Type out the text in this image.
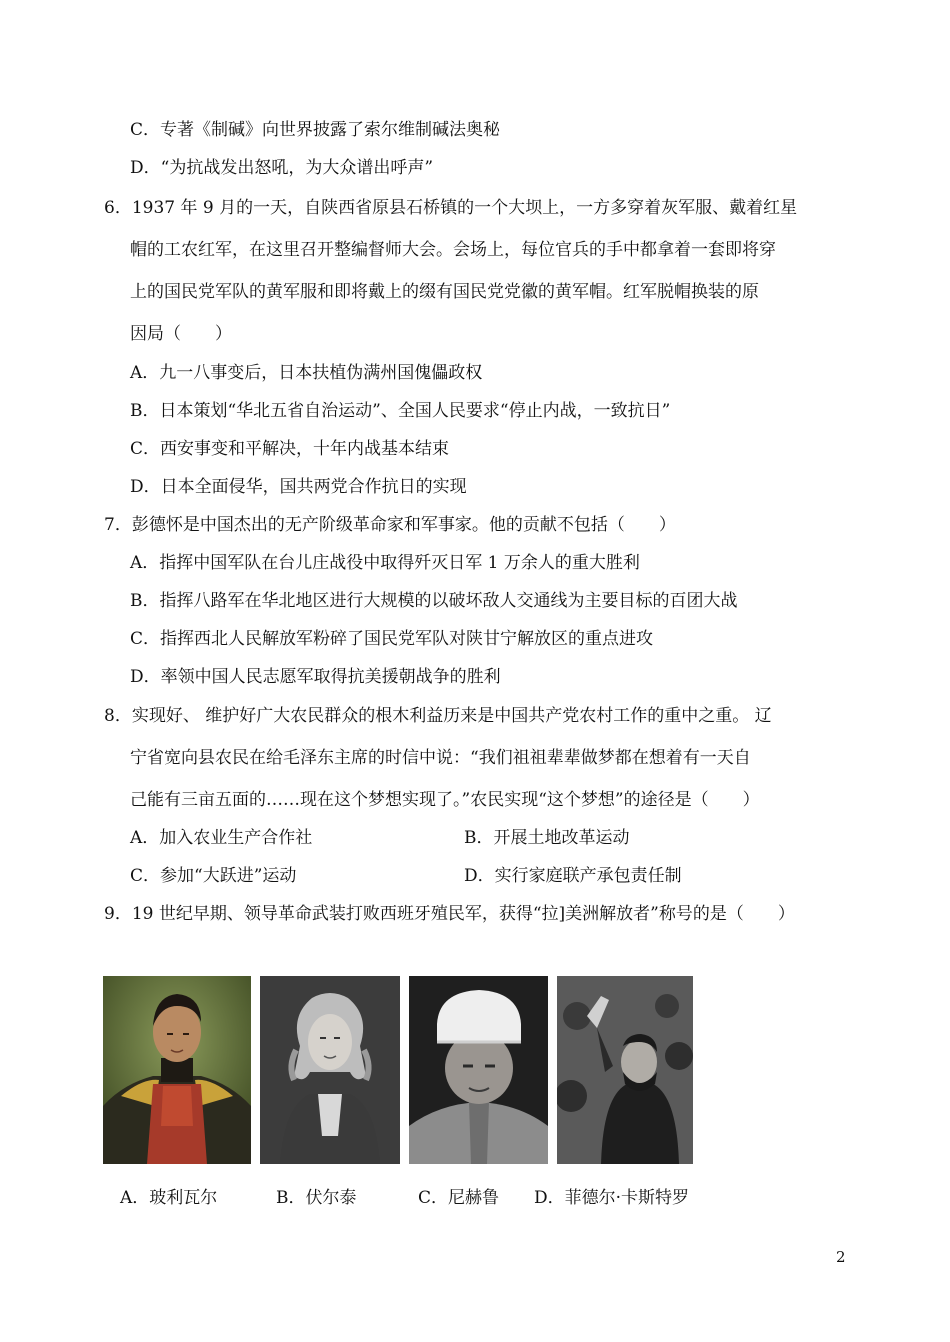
C．专著《制碱》向世界披露了索尔维制碱法奥秘
D．“为抗战发出怒吼，为大众谱出呼声”
6．1937 年 9 月的一天，自陕西省原县石桥镇的一个大坝上，一方多穿着灰军服、戴着红星
帽的工农红军，在这里召开整编督师大会。会场上，每位官兵的手中都拿着一套即将穿
上的国民党军队的黄军服和即将戴上的缀有国民党党徽的黄军帽。红军脱帽换装的原
因局（　　）
A．九一八事变后，日本扶植伪满州国傀儡政权
B．日本策划“华北五省自治运动”、全国人民要求“停止内战，一致抗日”
C．西安事变和平解决，十年内战基本结束
D．日本全面侵华，国共两党合作抗日的实现
7．彭德怀是中国杰出的无产阶级革命家和军事家。他的贡献不包括（　　）
A．指挥中国军队在台儿庄战役中取得歼灭日军 1 万余人的重大胜利
B．指挥八路军在华北地区进行大规模的以破坏敌人交通线为主要目标的百团大战
C．指挥西北人民解放军粉碎了国民党军队对陕甘宁解放区的重点进攻
D．率领中国人民志愿军取得抗美援朝战争的胜利
8．实现好、 维护好广大农民群众的根木利益历来是中国共产党农村工作的重中之重。 辽
宁省宽向县农民在给毛泽东主席的时信中说：“我们祖祖辈辈做梦都在想着有一天自
己能有三亩五面的……现在这个梦想实现了。”农民实现“这个梦想”的途径是（　　）
A．加入农业生产合作社	B．开展土地改革运动
C．参加“大跃进”运动	D．实行家庭联产承包责任制
9．19 世纪早期、领导革命武装打败西班牙殖民军，获得“拉]美洲解放者”称号的是（　　）
A．玻利瓦尔	B．伏尔泰	C．尼赫鲁 D．菲德尔·卡斯特罗
2
